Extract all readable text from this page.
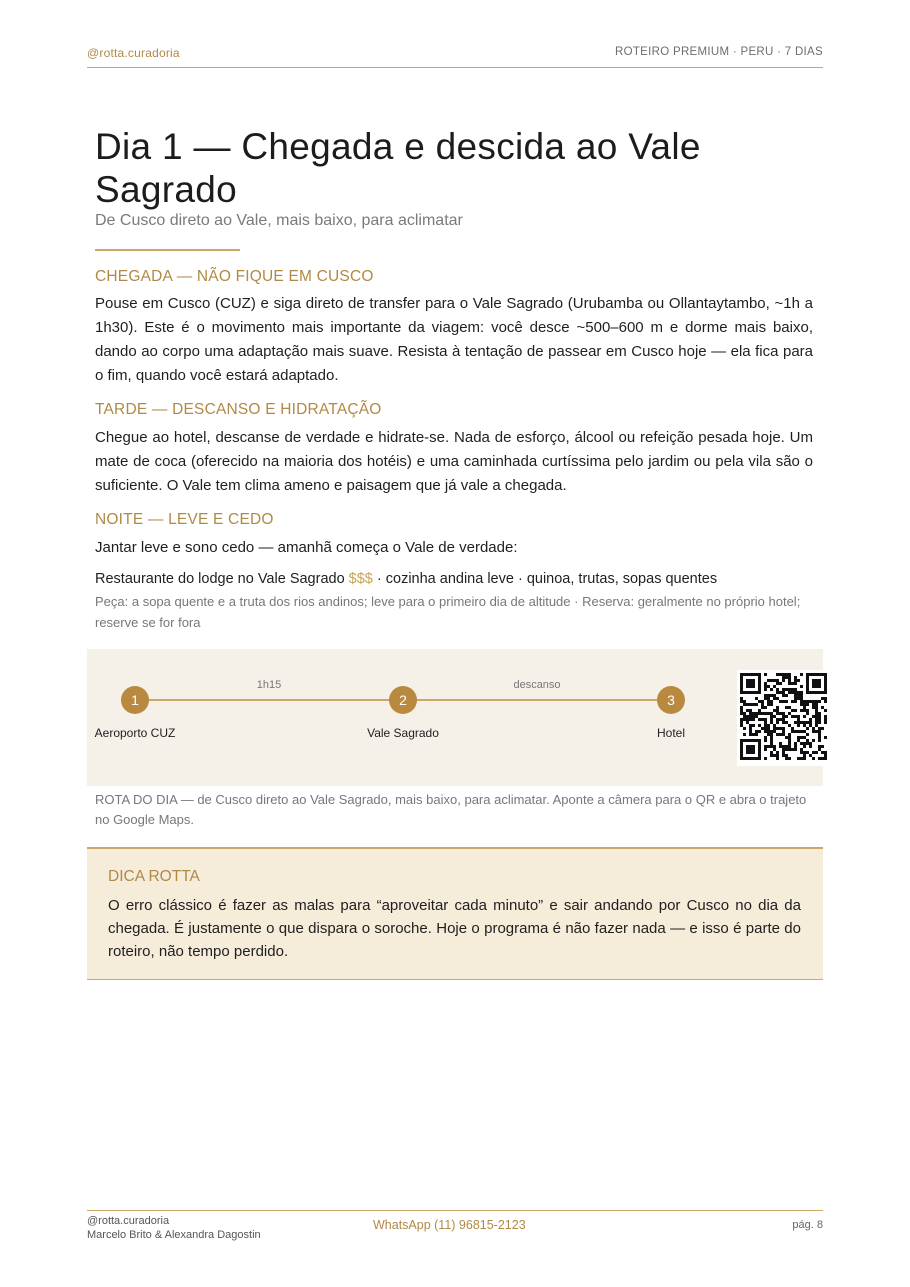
@rotta.curadoria	ROTEIRO PREMIUM · PERU · 7 DIAS
Dia 1 — Chegada e descida ao Vale Sagrado
De Cusco direto ao Vale, mais baixo, para aclimatar
CHEGADA — NÃO FIQUE EM CUSCO

Pouse em Cusco (CUZ) e siga direto de transfer para o Vale Sagrado (Urubamba ou Ollantaytambo, ~1h a 1h30). Este é o movimento mais importante da viagem: você desce ~500–600 m e dorme mais baixo, dando ao corpo uma adaptação mais suave. Resista à tentação de passear em Cusco hoje — ela fica para o fim, quando você estará adaptado.

TARDE — DESCANSO E HIDRATAÇÃO

Chegue ao hotel, descanse de verdade e hidrate-se. Nada de esforço, álcool ou refeição pesada hoje. Um mate de coca (oferecido na maioria dos hotéis) e uma caminhada curtíssima pelo jardim ou pela vila são o suficiente. O Vale tem clima ameno e paisagem que já vale a chegada.

NOITE — LEVE E CEDO

Jantar leve e sono cedo — amanhã começa o Vale de verdade:

Restaurante do lodge no Vale Sagrado $$$ · cozinha andina leve · quinoa, trutas, sopas quentes
Peça: a sopa quente e a truta dos rios andinos; leve para o primeiro dia de altitude · Reserva: geralmente no próprio hotel; reserve se for fora
1h15	descanso
1	2	3
Aeroporto CUZ	Vale Sagrado	Hotel
ROTA DO DIA — de Cusco direto ao Vale Sagrado, mais baixo, para aclimatar. Aponte a câmera para o QR e abra o trajeto no Google Maps.
DICA ROTTA

O erro clássico é fazer as malas para “aproveitar cada minuto” e sair andando por Cusco no dia da chegada. É justamente o que dispara o soroche. Hoje o programa é não fazer nada — e isso é parte do roteiro, não tempo perdido.

@rotta.curadoria
Marcelo Brito & Alexandra Dagostin
WhatsApp (11) 96815-2123	pág. 8
